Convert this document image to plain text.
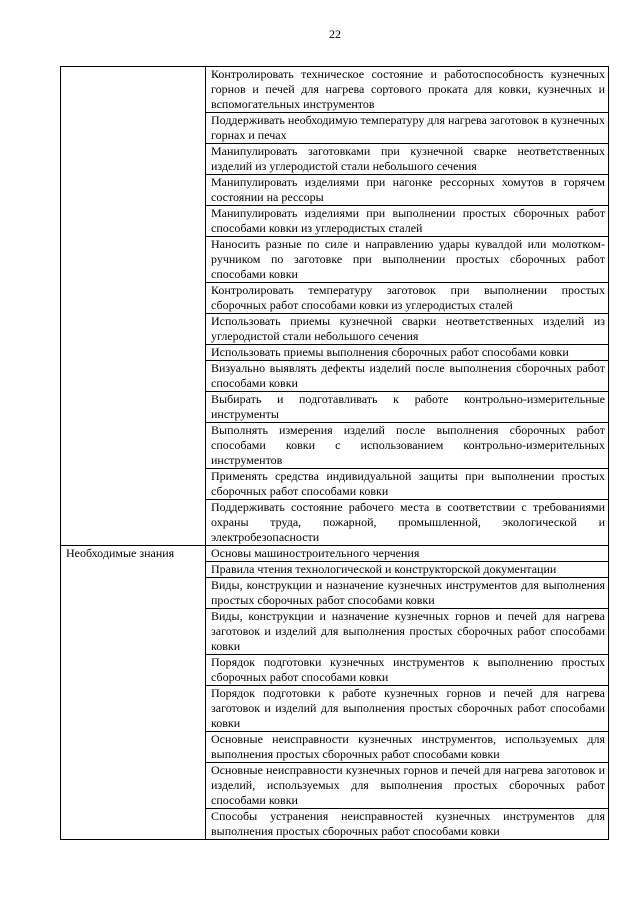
22
	Контролировать техническое состояние и работоспособность кузнечных горнов и печей для нагрева сортового проката для ковки, кузнечных и вспомогательных инструментов
	Поддерживать необходимую температуру для нагрева заготовок в кузнечных горнах и печах
	Манипулировать заготовками при кузнечной сварке неответственных изделий из углеродистой стали небольшого сечения
	Манипулировать изделиями при нагонке рессорных хомутов в горячем состоянии на рессоры
	Манипулировать изделиями при выполнении простых сборочных работ способами ковки из углеродистых сталей
	Наносить разные по силе и направлению удары кувалдой или молотком-ручником по заготовке при выполнении простых сборочных работ способами ковки
	Контролировать температуру заготовок при выполнении простых сборочных работ способами ковки из углеродистых сталей
	Использовать приемы кузнечной сварки неответственных изделий из углеродистой стали небольшого сечения
	Использовать приемы выполнения сборочных работ способами ковки
	Визуально выявлять дефекты изделий после выполнения сборочных работ способами ковки
	Выбирать и подготавливать к работе контрольно-измерительные инструменты
	Выполнять измерения изделий после выполнения сборочных работ способами ковки с использованием контрольно-измерительных инструментов
	Применять средства индивидуальной защиты при выполнении простых сборочных работ способами ковки
	Поддерживать состояние рабочего места в соответствии с требованиями охраны труда, пожарной, промышленной, экологической и электробезопасности
Необходимые знания	Основы машиностроительного черчения
	Правила чтения технологической и конструкторской документации
	Виды, конструкции и назначение кузнечных инструментов для выполнения простых сборочных работ способами ковки
	Виды, конструкции и назначение кузнечных горнов и печей для нагрева заготовок и изделий для выполнения простых сборочных работ способами ковки
	Порядок подготовки кузнечных инструментов к выполнению простых сборочных работ способами ковки
	Порядок подготовки к работе кузнечных горнов и печей для нагрева заготовок и изделий для выполнения простых сборочных работ способами ковки
	Основные неисправности кузнечных инструментов, используемых для выполнения простых сборочных работ способами ковки
	Основные неисправности кузнечных горнов и печей для нагрева заготовок и изделий, используемых для выполнения простых сборочных работ способами ковки
	Способы устранения неисправностей кузнечных инструментов для выполнения простых сборочных работ способами ковки
